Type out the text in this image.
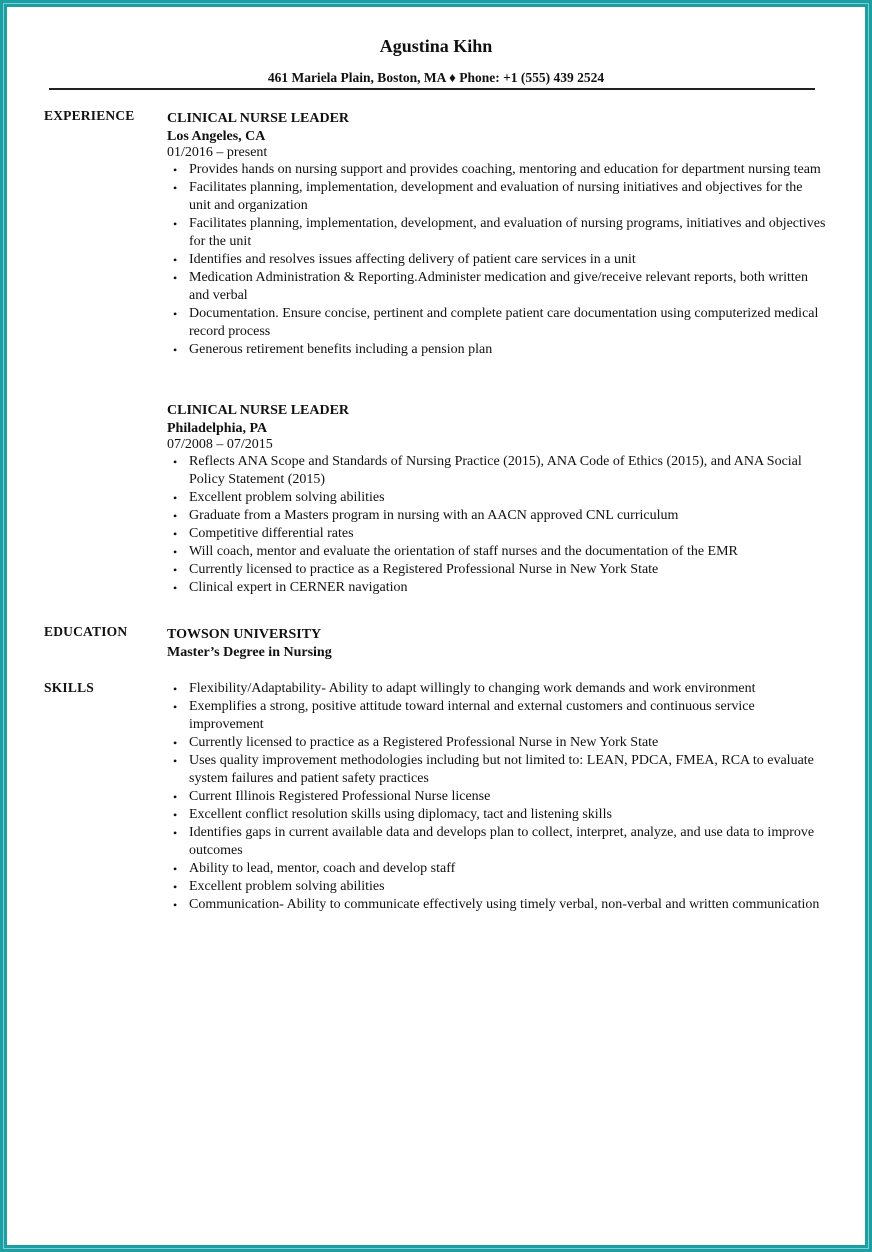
Agustina Kihn
461 Mariela Plain, Boston, MA ♦ Phone: +1 (555) 439 2524
EXPERIENCE CLINICAL NURSE LEADER
Los Angeles, CA
01/2016 – present
• Provides hands on nursing support and provides coaching, mentoring and education for department nursing team
• Facilitates planning, implementation, development and evaluation of nursing initiatives and objectives for the unit and organization
• Facilitates planning, implementation, development, and evaluation of nursing programs, initiatives and objectives for the unit
• Identifies and resolves issues affecting delivery of patient care services in a unit
• Medication Administration & Reporting.Administer medication and give/receive relevant reports, both written and verbal
• Documentation. Ensure concise, pertinent and complete patient care documentation using computerized medical record process
• Generous retirement benefits including a pension plan
CLINICAL NURSE LEADER
Philadelphia, PA
07/2008 – 07/2015
• Reflects ANA Scope and Standards of Nursing Practice (2015), ANA Code of Ethics (2015), and ANA Social Policy Statement (2015)
• Excellent problem solving abilities
• Graduate from a Masters program in nursing with an AACN approved CNL curriculum
• Competitive differential rates
• Will coach, mentor and evaluate the orientation of staff nurses and the documentation of the EMR
• Currently licensed to practice as a Registered Professional Nurse in New York State
• Clinical expert in CERNER navigation
EDUCATION	TOWSON UNIVERSITY
Master’s Degree in Nursing
SKILLS
•	Flexibility/Adaptability- Ability to adapt willingly to changing work demands and work environment
• Exemplifies a strong, positive attitude toward internal and external customers and continuous service improvement
• Currently licensed to practice as a Registered Professional Nurse in New York State
• Uses quality improvement methodologies including but not limited to: LEAN, PDCA, FMEA, RCA to evaluate system failures and patient safety practices
• Current Illinois Registered Professional Nurse license
• Excellent conflict resolution skills using diplomacy, tact and listening skills
• Identifies gaps in current available data and develops plan to collect, interpret, analyze, and use data to improve outcomes
• Ability to lead, mentor, coach and develop staff
• Excellent problem solving abilities
• Communication- Ability to communicate effectively using timely verbal, non-verbal and written communication
